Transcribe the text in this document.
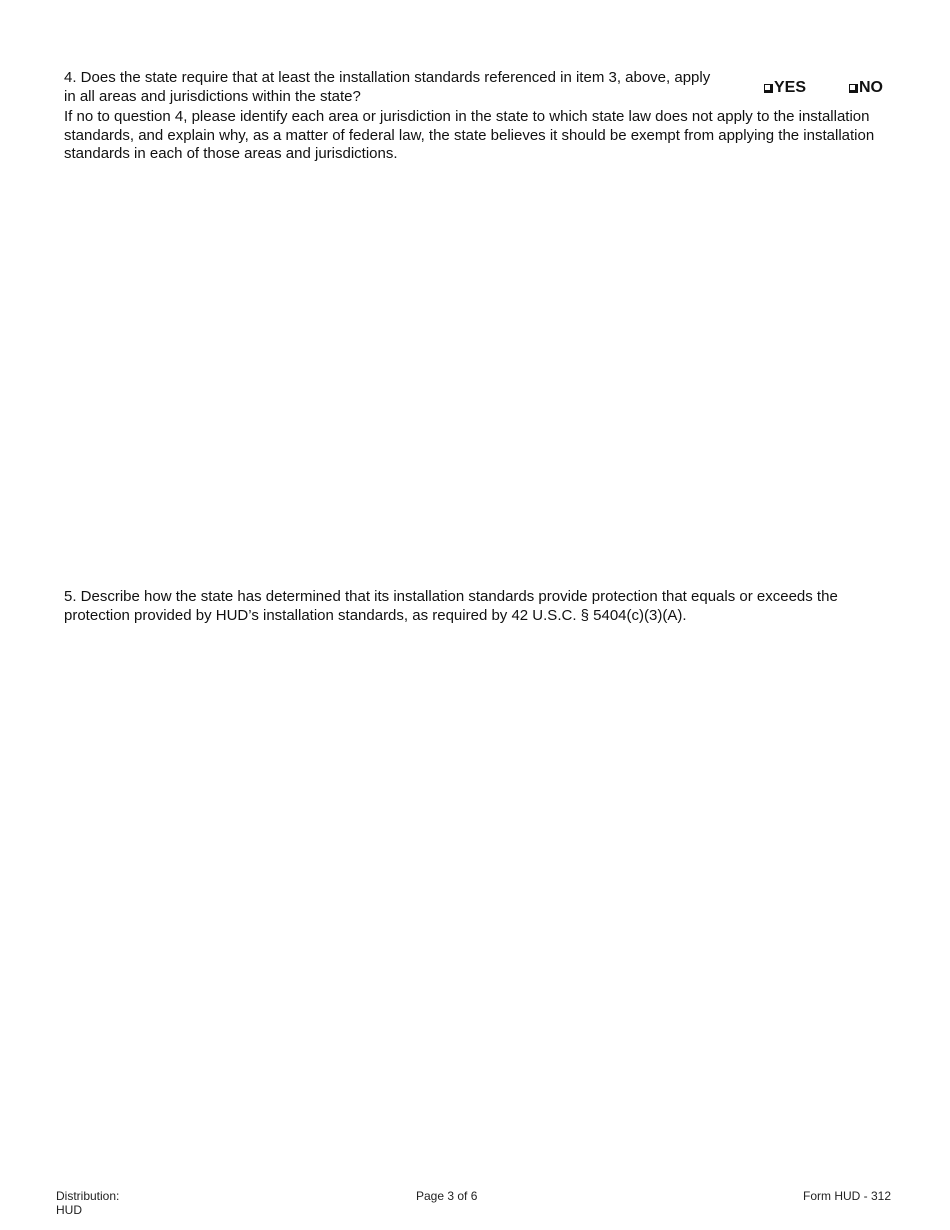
4. Does the state require that at least the installation standards referenced in item 3, above, apply in all areas and jurisdictions within the state?	YES	NO
If no to question 4, please identify each area or jurisdiction in the state to which state law does not apply to the installation standards, and explain why, as a matter of federal law, the state believes it should be exempt from applying the installation standards in each of those areas and jurisdictions.
5. Describe how the state has determined that its installation standards provide protection that equals or exceeds the protection provided by HUD’s installation standards, as required by 42 U.S.C. § 5404(c)(3)(A).
Distribution:
HUD
Page 3 of 6	Form HUD - 312
